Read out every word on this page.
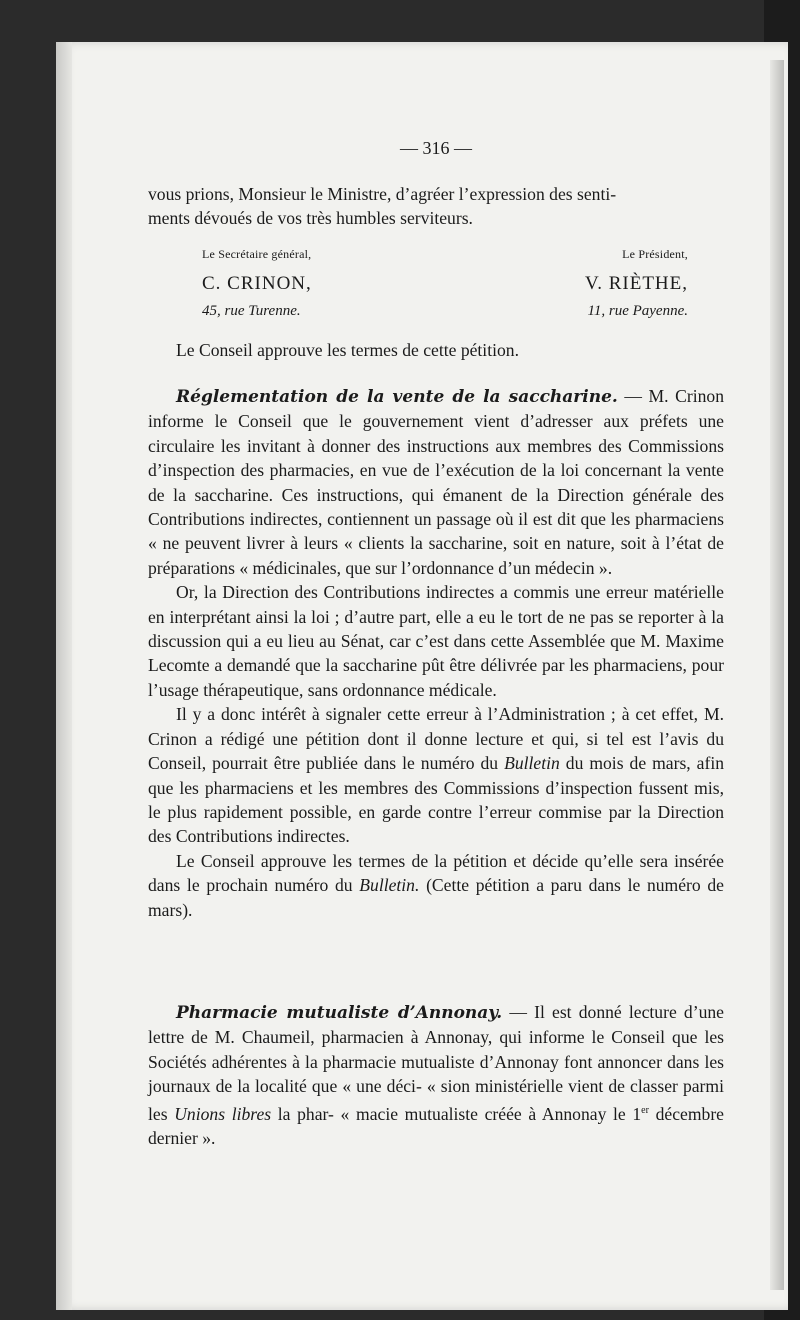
— 316 —
vous prions, Monsieur le Ministre, d’agréer l’expression des senti-
ments dévoués de vos très humbles serviteurs.
Le Secrétaire général,
C. CRINON,
45, rue Turenne.
Le Président,
V. RIÈTHE,
11, rue Payenne.

Le Conseil approuve les termes de cette pétition.

Réglementation de la vente de la saccharine. — M. Crinon informe le Conseil que le gouvernement vient d’adresser aux préfets une circulaire les invitant à donner des instructions aux membres des Commissions d’inspection des pharmacies, en vue de l’exécution de la loi concernant la vente de la saccharine. Ces instructions, qui émanent de la Direction générale des Contributions indirectes, contiennent un passage où il est dit que les pharmaciens « ne peuvent livrer à leurs « clients la saccharine, soit en nature, soit à l’état de préparations « médicinales, que sur l’ordonnance d’un médecin ».

Or, la Direction des Contributions indirectes a commis une erreur matérielle en interprétant ainsi la loi ; d’autre part, elle a eu le tort de ne pas se reporter à la discussion qui a eu lieu au Sénat, car c’est dans cette Assemblée que M. Maxime Lecomte a demandé que la saccharine pût être délivrée par les pharmaciens, pour l’usage thérapeutique, sans ordonnance médicale.

Il y a donc intérêt à signaler cette erreur à l’Administration ; à cet effet, M. Crinon a rédigé une pétition dont il donne lecture et qui, si tel est l’avis du Conseil, pourrait être publiée dans le numéro du Bulletin du mois de mars, afin que les pharmaciens et les membres des Commissions d’inspection fussent mis, le plus rapidement possible, en garde contre l’erreur commise par la Direction des Contributions indirectes.

Le Conseil approuve les termes de la pétition et décide qu’elle sera insérée dans le prochain numéro du Bulletin. (Cette pétition a paru dans le numéro de mars).

Pharmacie mutualiste d’Annonay. — Il est donné lecture d’une lettre de M. Chaumeil, pharmacien à Annonay, qui informe le Conseil que les Sociétés adhérentes à la pharmacie mutualiste d’Annonay font annoncer dans les journaux de la localité que « une déci- « sion ministérielle vient de classer parmi les Unions libres la phar- « macie mutualiste créée à Annonay le 1er décembre dernier ».
